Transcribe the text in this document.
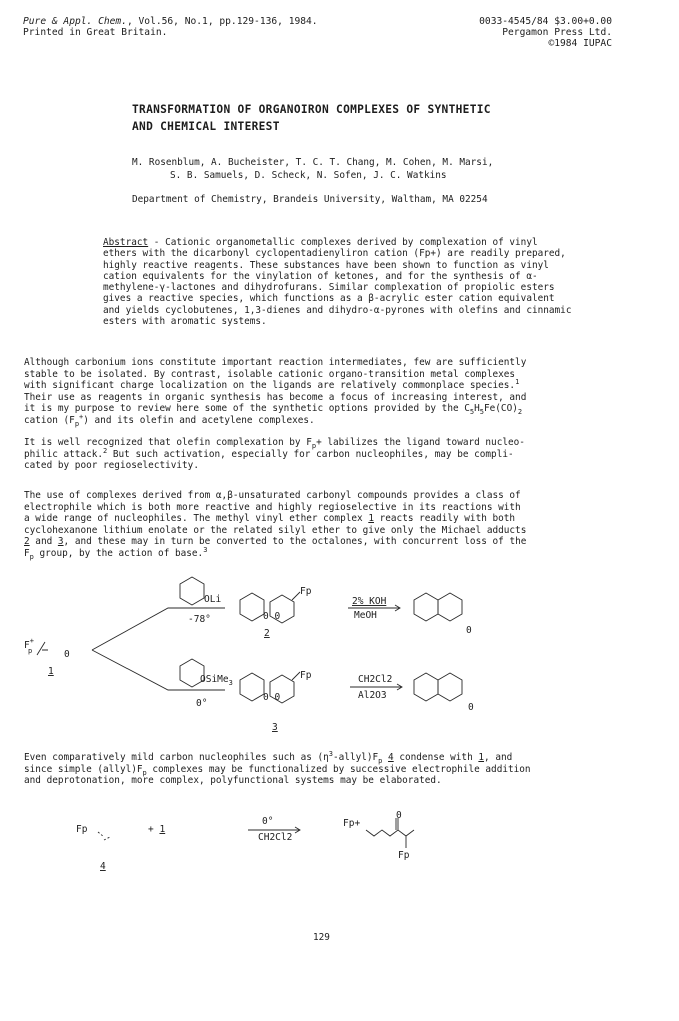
Pure & Appl. Chem., Vol.56, No.1, pp.129-136, 1984.
Printed in Great Britain.
0033-4545/84 $3.00+0.00
Pergamon Press Ltd.
©1984 IUPAC
TRANSFORMATION OF ORGANOIRON COMPLEXES OF SYNTHETIC
AND CHEMICAL INTEREST
M. Rosenblum, A. Bucheister, T. C. T. Chang, M. Cohen, M. Marsi,
S. B. Samuels, D. Scheck, N. Sofen, J. C. Watkins
Department of Chemistry, Brandeis University, Waltham, MA 02254
Abstract - Cationic organometallic complexes derived by complexation of vinyl
ethers with the dicarbonyl cyclopentadienyliron cation (Fp+) are readily prepared,
highly reactive reagents. These substances have been shown to function as vinyl
cation equivalents for the vinylation of ketones, and for the synthesis of α-
methylene-γ-lactones and dihydrofurans. Similar complexation of propiolic esters
gives a reactive species, which functions as a β-acrylic ester cation equivalent
and yields cyclobutenes, 1,3-dienes and dihydro-α-pyrones with olefins and cinnamic
esters with aromatic systems.
Although carbonium ions constitute important reaction intermediates, few are sufficiently
stable to be isolated. By contrast, isolable cationic organo-transition metal complexes
with significant charge localization on the ligands are relatively commonplace species.$^1$
Their use as reagents in organic synthesis has become a focus of increasing interest, and
it is my purpose to review here some of the synthetic options provided by the $C_5H_5Fe(CO)_2$
cation $(F_p^+)$ and its olefin and acetylene complexes.
It is well recognized that olefin complexation by $F_p+$ labilizes the ligand toward nucleo-
philic attack.$^2$ But such activation, especially for carbon nucleophiles, may be compli-
cated by poor regioselectivity.
The use of complexes derived from α,β-unsaturated carbonyl compounds provides a class of
electrophile which is both more reactive and highly regioselective in its reactions with
a wide range of nucleophiles. The methyl vinyl ether complex 1 reacts readily with both
cyclohexanone lithium enolate or the related silyl ether to give only the Michael adducts
2 and 3, and these may in turn be converted to the octalones, with concurrent loss of the
$F_p$ group, by the action of base.$^3$
F+ p	0
1
OLi
-78°
Fp
0 0
2
2% KOH
MeOH
0
OSiMe$_3$
0°
Fp
0 0
3
CH2Cl2
Al2O3
0
Even comparatively mild carbon nucleophiles such as $(\eta^3-allyl)F_p$ 4 condense with 1, and
since simple $(allyl)F_p$ complexes may be functionalized by successive electrophile addition
and deprotonation, more complex, polyfunctional systems may be elaborated.
Fp
4
+ 1
0°
CH2Cl2
Fp+
0
Fp
129
